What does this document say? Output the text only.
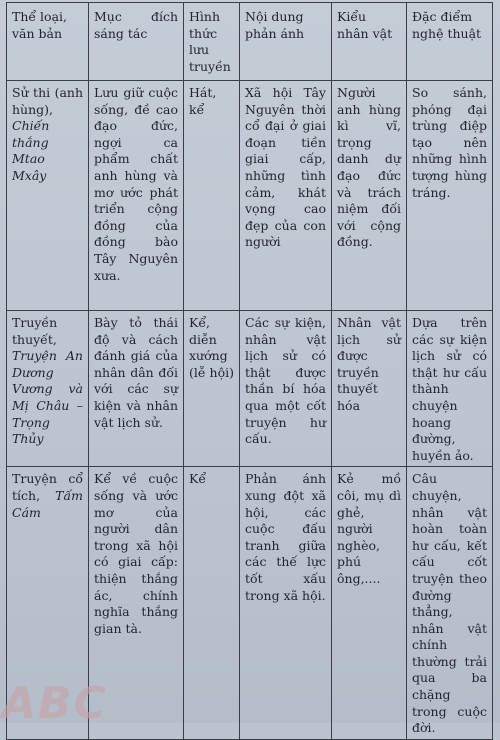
Thể loại, văn bản	Mục đích sáng tác	Hình thức lưu truyền	Nội dung phản ánh	Kiểu nhân vật	Đặc điểm nghệ thuật
Sử thi (anh hùng), Chiến thắng Mtao Mxây	Lưu giữ cuộc sống, đề cao đạo đức, ngợi ca phẩm chất anh hùng và mơ ước phát triển cộng đồng của đồng bào Tây Nguyên xưa.	Hát, kể	Xã hội Tây Nguyên thời cổ đại ở giai đoạn tiền giai cấp, những tình cảm, khát vọng cao đẹp của con người	Người anh hùng kì vĩ, trọng danh dự đạo đức và trách niệm đối với cộng đồng.	So sánh, phóng đại trùng điệp tạo nên những hình tượng hùng tráng.
Truyền thuyết, Truyện An Dương Vương và Mị Châu – Trọng Thủy	Bày tỏ thái độ và cách đánh giá của nhân dân đối với các sự kiện và nhân vật lịch sử.	Kể, diễn xướng (lễ hội)	Các sự kiện, nhân vật lịch sử có thật được thần bí hóa qua một cốt truyện hư cấu.	Nhân vật lịch sử được truyền thuyết hóa	Dựa trên các sự kiện lịch sử có thật hư cấu thành chuyện hoang đường, huyền ảo.
Truyện cổ tích, Tấm Cám	Kể về cuộc sống và ước mơ của người dân trong xã hội có giai cấp: thiện thắng ác, chính nghĩa thắng gian tà.	Kể	Phản ánh xung đột xã hội, các cuộc đấu tranh giữa các thế lực tốt xấu trong xã hội.	Kẻ mồ côi, mụ dì ghẻ, người nghèo, phú ông,....	Câu chuyện, nhân vật hoàn toàn hư cấu, kết cấu cốt truyện theo đường thẳng, nhân vật chính thường trải qua ba chặng trong cuộc đời.
ABC
